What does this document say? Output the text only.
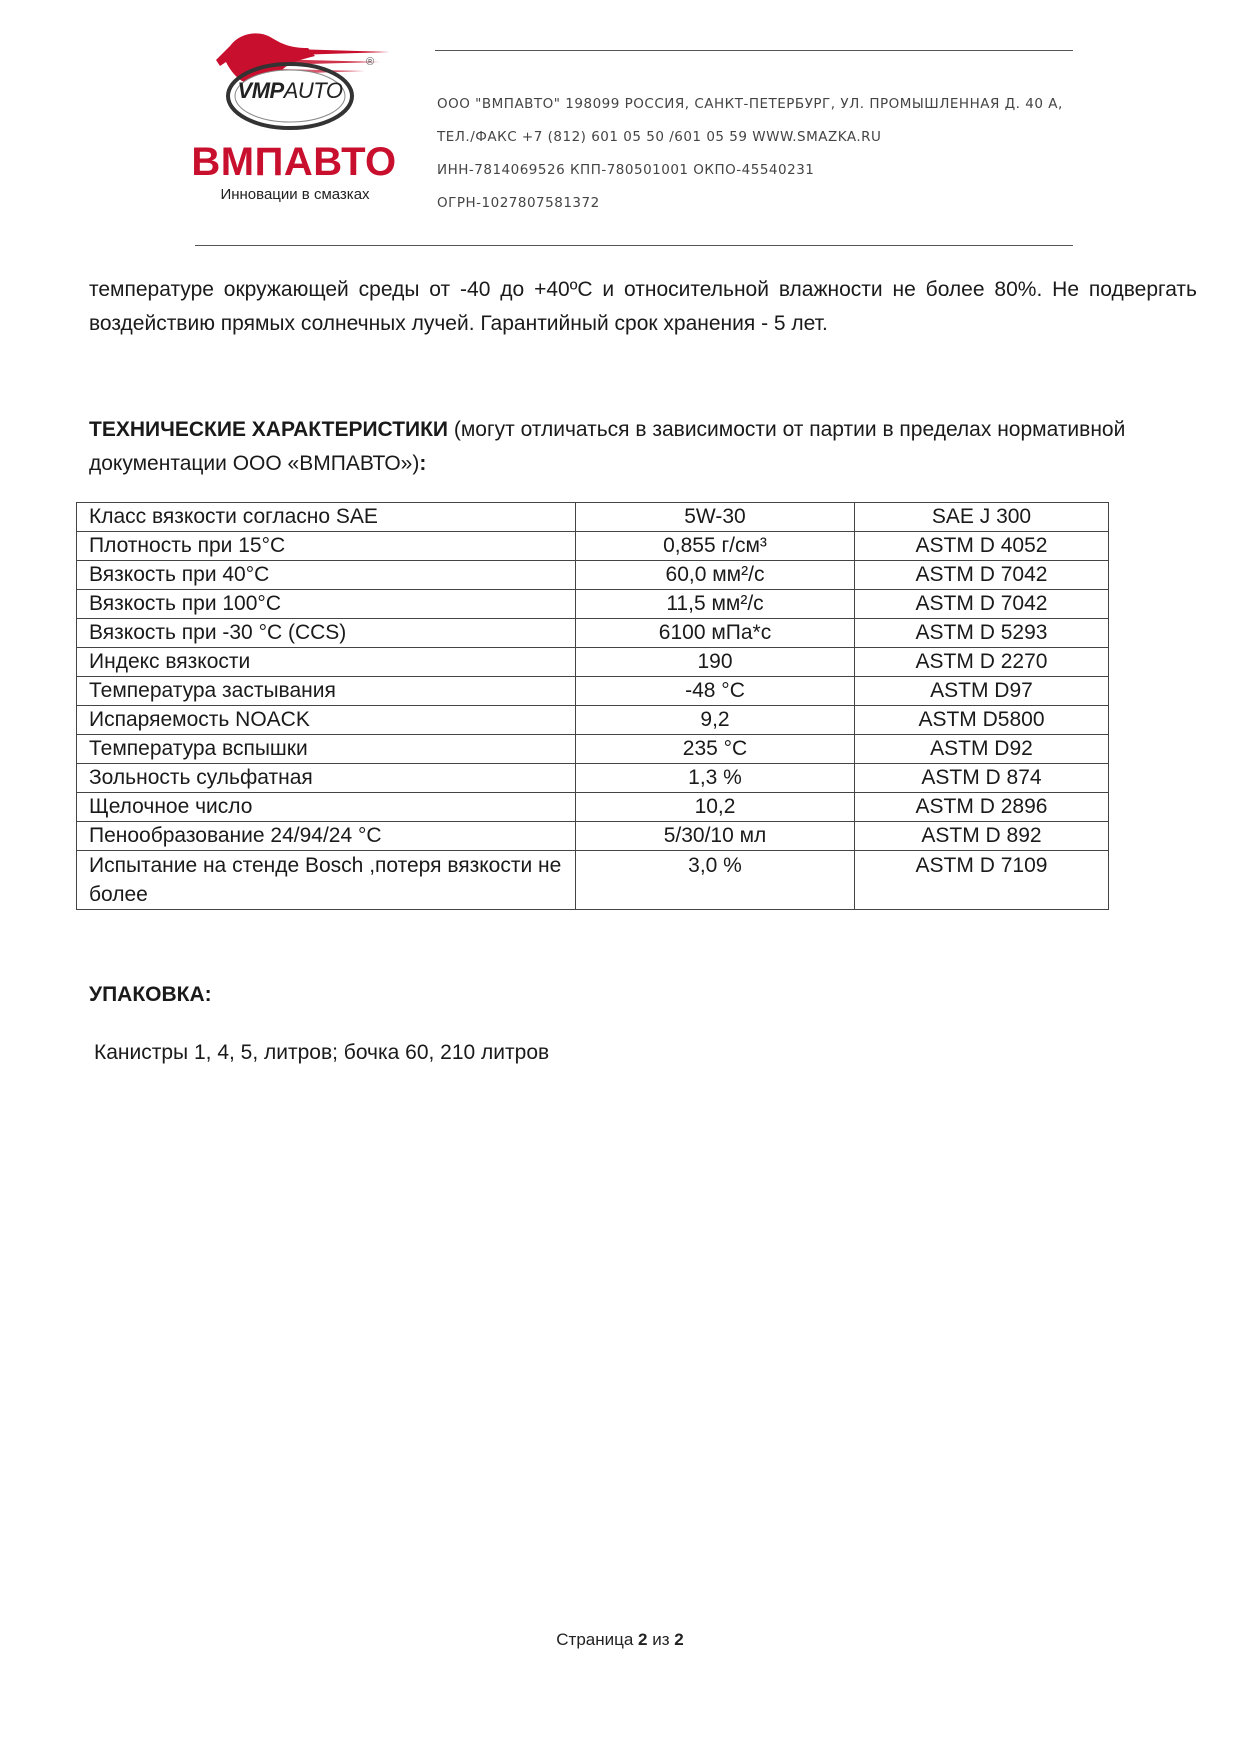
VMPAUTO
®
ВМПАВТО
Инновации в смазках
ООО "ВМПАВТО" 198099 РОССИЯ, САНКТ-ПЕТЕРБУРГ, УЛ. ПРОМЫШЛЕННАЯ Д. 40 А,
ТЕЛ./ФАКС +7 (812) 601 05 50 /601 05 59 WWW.SMAZKA.RU
ИНН-7814069526 КПП-780501001 ОКПО-45540231
ОГРН-1027807581372
температуре окружающей среды от -40 до +40ºС и относительной влажности не более 80%. Не подвергать воздействию прямых солнечных лучей. Гарантийный срок хранения - 5 лет.
ТЕХНИЧЕСКИЕ ХАРАКТЕРИСТИКИ (могут отличаться в зависимости от партии в пределах нормативной документации ООО «ВМПАВТО»):
Класс вязкости согласно SAE	5W-30	SAE J 300
Плотность при 15°С	0,855 г/см³	ASTM D 4052
Вязкость при 40°С	60,0 мм²/с	ASTM D 7042
Вязкость при 100°С	11,5 мм²/с	ASTM D 7042
Вязкость при -30 °С (CCS)	6100 мПа*с	ASTM D 5293
Индекс вязкости	190	ASTM D 2270
Температура застывания	-48 °С	ASTM D97
Испаряемость NOACK	9,2	ASTM D5800
Температура вспышки	235 °С	ASTM D92
Зольность сульфатная	1,3 %	ASTM D 874
Щелочное число	10,2	ASTM D 2896
Пенообразование 24/94/24 °С	5/30/10 мл	ASTM D 892
Испытание на стенде Bosch ,потеря вязкости не более	3,0 %	ASTM D 7109
УПАКОВКА:
Канистры 1, 4, 5, литров; бочка 60, 210 литров
Страница 2 из 2
